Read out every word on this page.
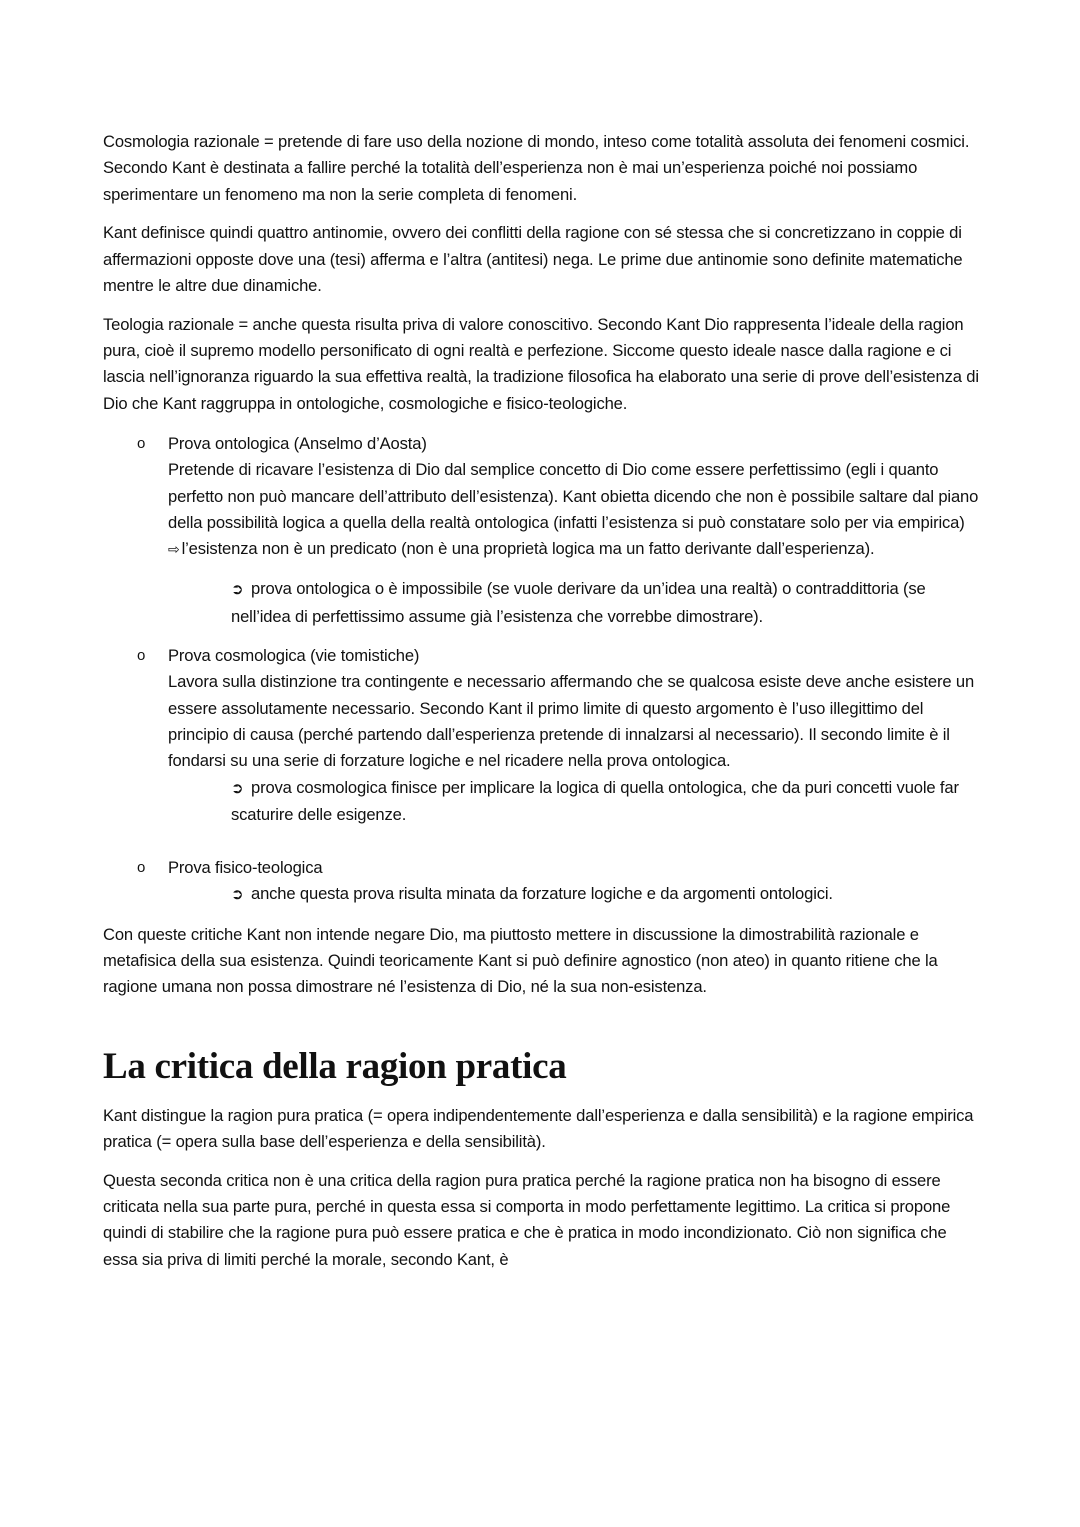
Cosmologia razionale = pretende di fare uso della nozione di mondo, inteso come totalità assoluta dei fenomeni cosmici. Secondo Kant è destinata a fallire perché la totalità dell’esperienza non è mai un’esperienza poiché noi possiamo sperimentare un fenomeno ma non la serie completa di fenomeni.

Kant definisce quindi quattro antinomie, ovvero dei conflitti della ragione con sé stessa che si concretizzano in coppie di affermazioni opposte dove una (tesi) afferma e l’altra (antitesi) nega. Le prime due antinomie sono definite matematiche mentre le altre due dinamiche.

Teologia razionale = anche questa risulta priva di valore conoscitivo. Secondo Kant Dio rappresenta l’ideale della ragion pura, cioè il supremo modello personificato di ogni realtà e perfezione. Siccome questo ideale nasce dalla ragione e ci lascia nell’ignoranza riguardo la sua effettiva realtà, la tradizione filosofica ha elaborato una serie di prove dell’esistenza di Dio che Kant raggruppa in ontologiche, cosmologiche e fisico-teologiche.

o Prova ontologica (Anselmo d’Aosta)

Pretende di ricavare l’esistenza di Dio dal semplice concetto di Dio come essere perfettissimo (egli i quanto perfetto non può mancare dell’attributo dell’esistenza). Kant obietta dicendo che non è possibile saltare dal piano della possibilità logica a quella della realtà ontologica (infatti l’esistenza si può constatare solo per via empirica) ⇨ l’esistenza non è un predicato (non è una proprietà logica ma un fatto derivante dall’esperienza).

➲ prova ontologica o è impossibile (se vuole derivare da un’idea una realtà) o contraddittoria (se nell’idea di perfettissimo assume già l’esistenza che vorrebbe dimostrare).

o Prova cosmologica (vie tomistiche)

Lavora sulla distinzione tra contingente e necessario affermando che se qualcosa esiste deve anche esistere un essere assolutamente necessario. Secondo Kant il primo limite di questo argomento è l’uso illegittimo del principio di causa (perché partendo dall’esperienza pretende di innalzarsi al necessario). Il secondo limite è il fondarsi su una serie di forzature logiche e nel ricadere nella prova ontologica.

➲ prova cosmologica finisce per implicare la logica di quella ontologica, che da puri concetti vuole far scaturire delle esigenze.

o Prova fisico-teologica

➲ anche questa prova risulta minata da forzature logiche e da argomenti ontologici.

Con queste critiche Kant non intende negare Dio, ma piuttosto mettere in discussione la dimostrabilità razionale e metafisica della sua esistenza. Quindi teoricamente Kant si può definire agnostico (non ateo) in quanto ritiene che la ragione umana non possa dimostrare né l’esistenza di Dio, né la sua non-esistenza.

La critica della ragion pratica

Kant distingue la ragion pura pratica (= opera indipendentemente dall’esperienza e dalla sensibilità) e la ragione empirica pratica (= opera sulla base dell’esperienza e della sensibilità).

Questa seconda critica non è una critica della ragion pura pratica perché la ragione pratica non ha bisogno di essere criticata nella sua parte pura, perché in questa essa si comporta in modo perfettamente legittimo. La critica si propone quindi di stabilire che la ragione pura può essere pratica e che è pratica in modo incondizionato. Ciò non significa che essa sia priva di limiti perché la morale, secondo Kant, è
